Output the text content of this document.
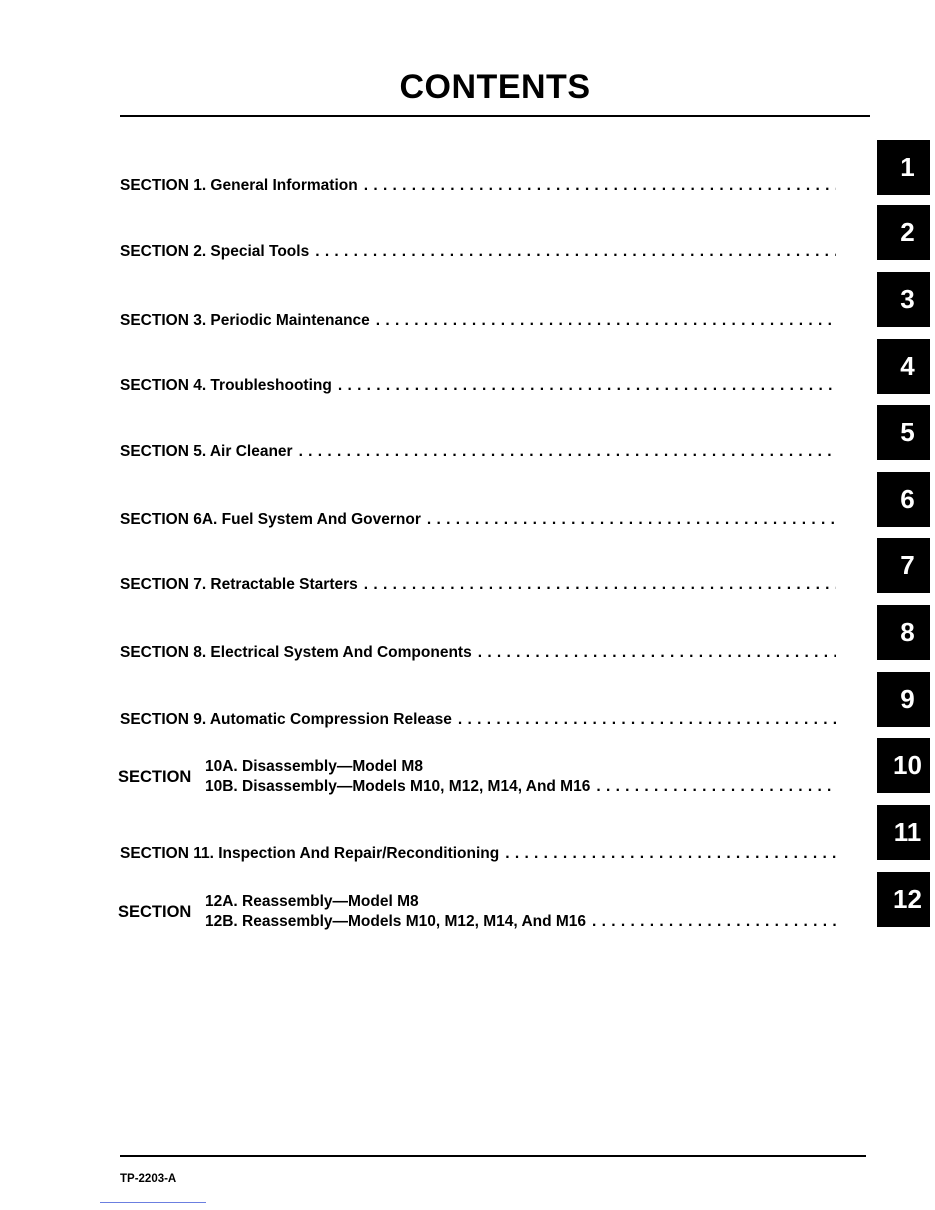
CONTENTS
SECTION 1. General Information
. . .
SECTION 2. Special Tools
. . .
SECTION 3. Periodic Maintenance
. . .
SECTION 4. Troubleshooting
. . .
SECTION 5. Air Cleaner
. . .
SECTION 6A. Fuel System And Governor
. . .
SECTION 7. Retractable Starters
. . .
SECTION 8. Electrical System And Components
. . .
SECTION 9. Automatic Compression Release
. . .
SECTION
10A. Disassembly—Model M8
10B. Disassembly—Models M10, M12, M14, And M16
. . .
SECTION 11. Inspection And Repair/Reconditioning
. . .
SECTION
12A. Reassembly—Model M8
12B. Reassembly—Models M10, M12, M14, And M16
. . .
1
2
3
4
5
6
7
8
9
10
11
12
TP-2203-A
